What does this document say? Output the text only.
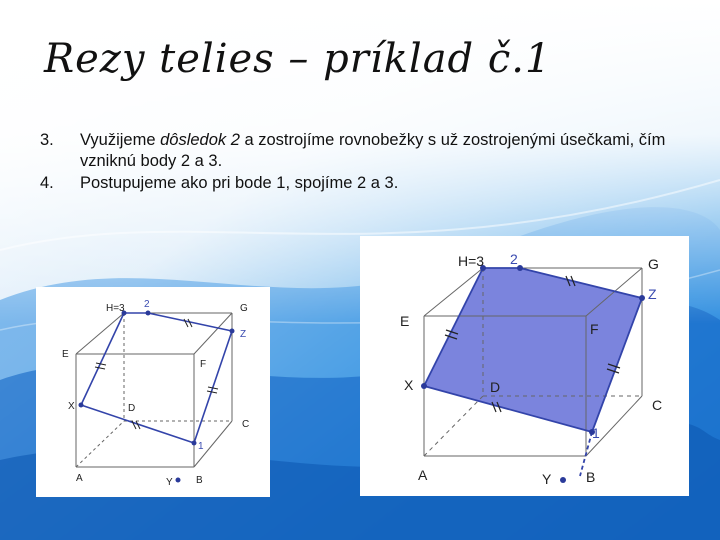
Rezy telies – príklad č.1
3.	Využijeme dôsledok 2 a zostrojíme rovnobežky s už zostrojenými úsečkami, čím vzniknú body 2 a 3.
4.	Postupujeme ako pri bode 1, spojíme 2 a 3.
H=3 2	G
Z
E
F
X	D
C
1
A	Y B
H=3 2	G
Z
E	F
X	D
C
1
A	Y B
